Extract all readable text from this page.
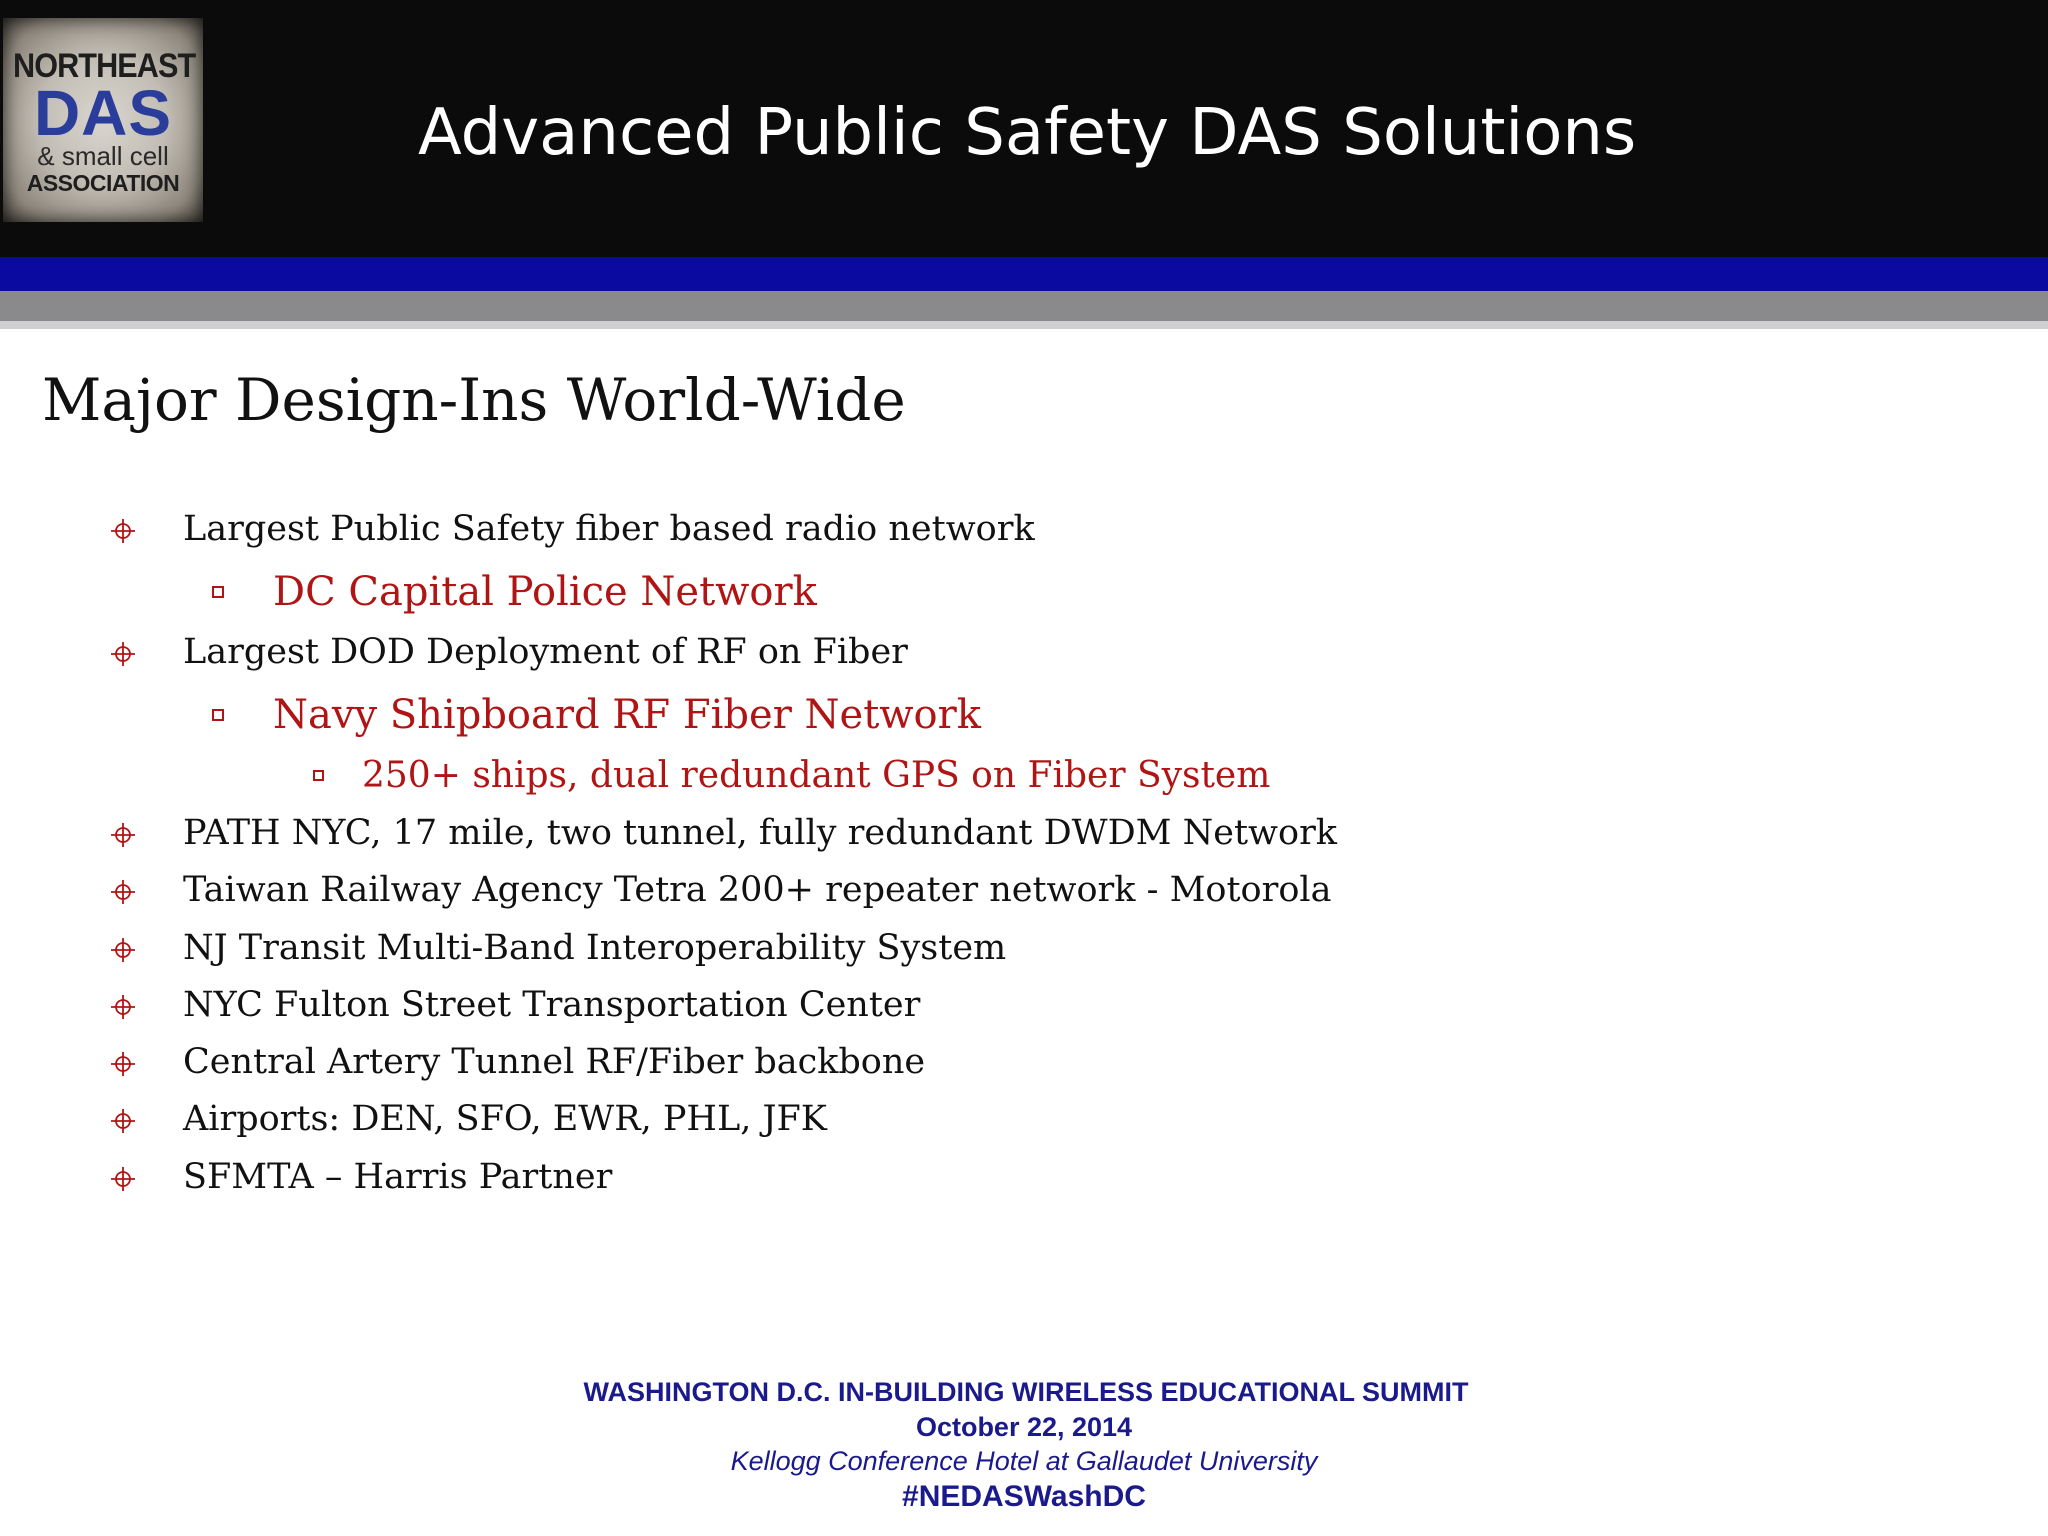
NORTHEAST
DAS
& small cell
ASSOCIATION
Advanced Public Safety DAS Solutions
Major Design-Ins World-Wide
Largest Public Safety fiber based radio network
DC Capital Police Network
Largest DOD Deployment of RF on Fiber
Navy Shipboard RF Fiber Network
250+ ships, dual redundant GPS on Fiber System
PATH NYC, 17 mile, two tunnel, fully redundant DWDM Network
Taiwan Railway Agency Tetra 200+ repeater network - Motorola
NJ Transit Multi-Band Interoperability System
NYC Fulton Street Transportation Center
Central Artery Tunnel RF/Fiber backbone
Airports: DEN, SFO, EWR, PHL, JFK
SFMTA – Harris Partner
WASHINGTON D.C. IN-BUILDING WIRELESS EDUCATIONAL SUMMIT
October 22, 2014
Kellogg Conference Hotel at Gallaudet University
#NEDASWashDC
